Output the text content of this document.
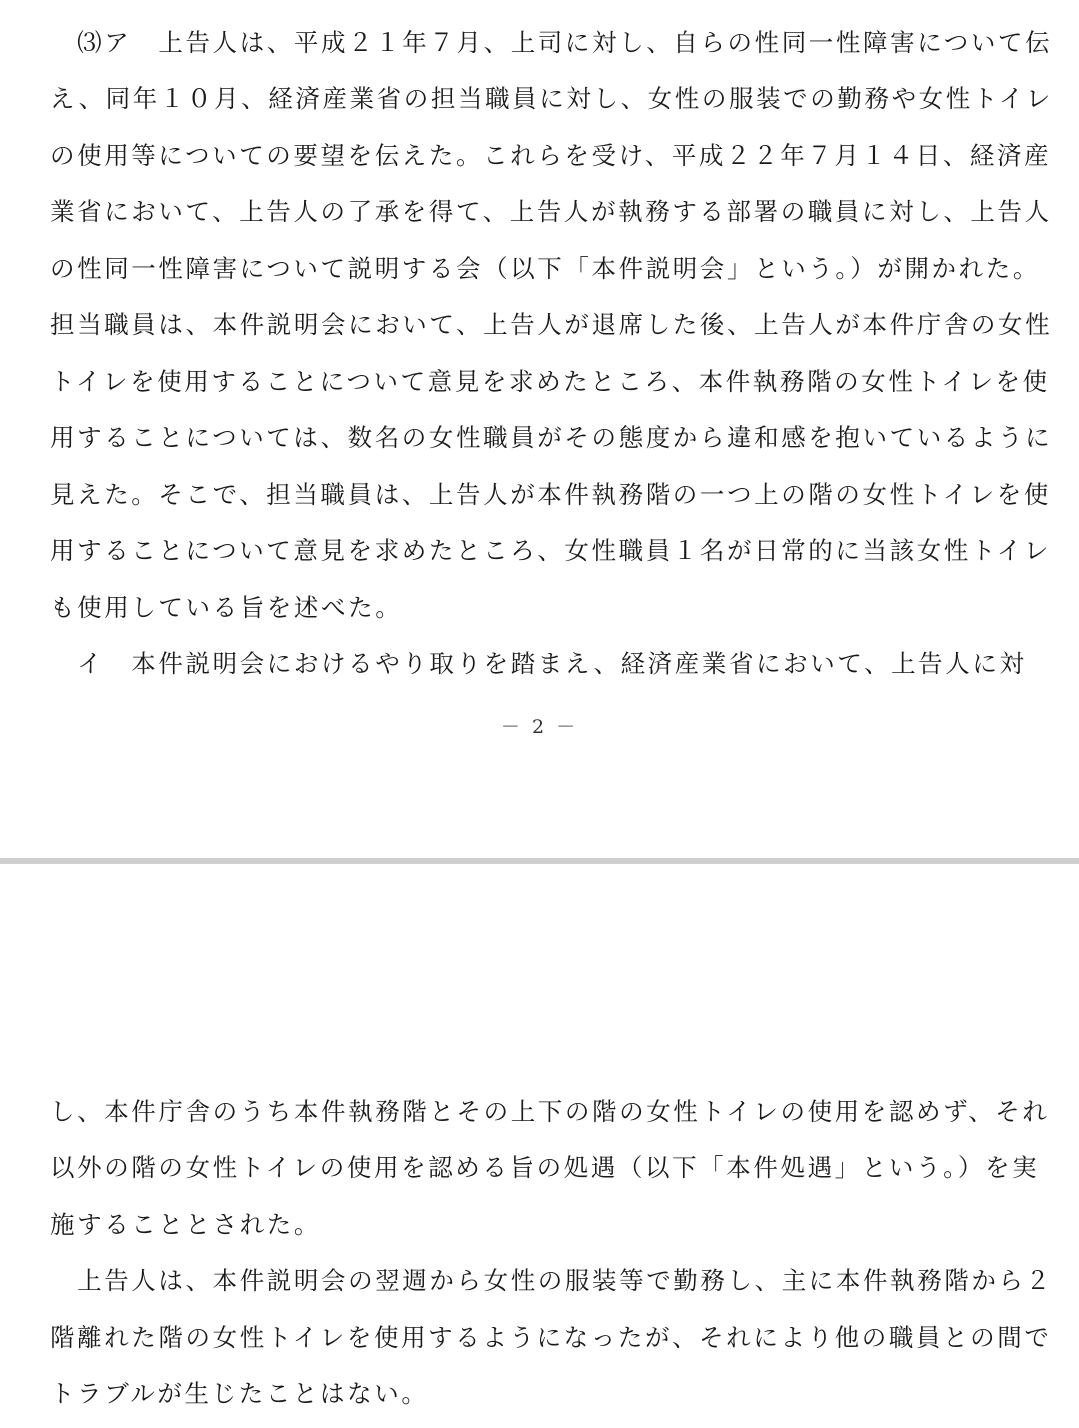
　⑶ア　上告人は、平成２１年７月、上司に対し、自らの性同一性障害について伝
え、同年１０月、経済産業省の担当職員に対し、女性の服装での勤務や女性トイレ
の使用等についての要望を伝えた。これらを受け、平成２２年７月１４日、経済産
業省において、上告人の了承を得て、上告人が執務する部署の職員に対し、上告人
の性同一性障害について説明する会（以下「本件説明会」という。）が開かれた。
担当職員は、本件説明会において、上告人が退席した後、上告人が本件庁舎の女性
トイレを使用することについて意見を求めたところ、本件執務階の女性トイレを使
用することについては、数名の女性職員がその態度から違和感を抱いているように
見えた。そこで、担当職員は、上告人が本件執務階の一つ上の階の女性トイレを使
用することについて意見を求めたところ、女性職員１名が日常的に当該女性トイレ
も使用している旨を述べた。
　イ　本件説明会におけるやり取りを踏まえ、経済産業省において、上告人に対
－ 2 －
し、本件庁舎のうち本件執務階とその上下の階の女性トイレの使用を認めず、それ
以外の階の女性トイレの使用を認める旨の処遇（以下「本件処遇」という。）を実
施することとされた。
　上告人は、本件説明会の翌週から女性の服装等で勤務し、主に本件執務階から２
階離れた階の女性トイレを使用するようになったが、それにより他の職員との間で
トラブルが生じたことはない。
